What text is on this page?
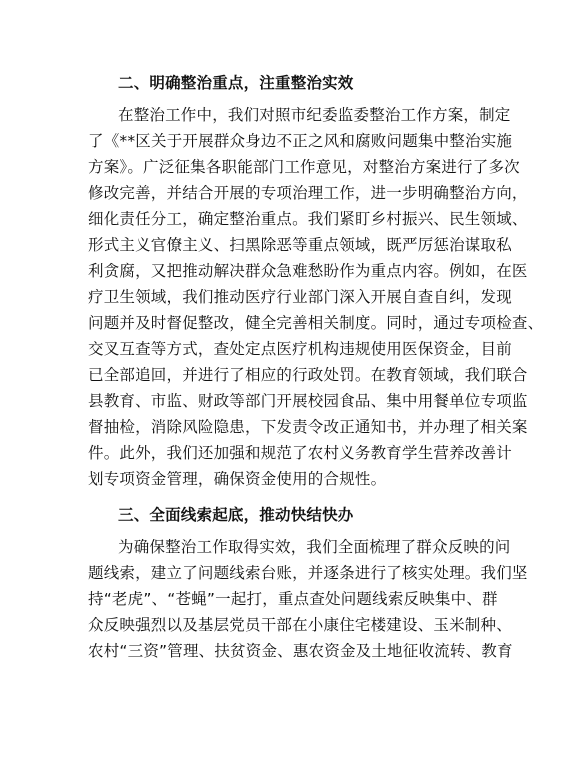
二、明确整治重点，注重整治实效
在整治工作中，我们对照市纪委监委整治工作方案，制定
了《**区关于开展群众身边不正之风和腐败问题集中整治实施
方案》。广泛征集各职能部门工作意见，对整治方案进行了多次
修改完善，并结合开展的专项治理工作，进一步明确整治方向，
细化责任分工，确定整治重点。我们紧盯乡村振兴、民生领域、
形式主义官僚主义、扫黑除恶等重点领域，既严厉惩治谋取私
利贪腐，又把推动解决群众急难愁盼作为重点内容。例如，在医
疗卫生领域，我们推动医疗行业部门深入开展自查自纠，发现
问题并及时督促整改，健全完善相关制度。同时，通过专项检查、
交叉互查等方式，查处定点医疗机构违规使用医保资金，目前
已全部追回，并进行了相应的行政处罚。在教育领域，我们联合
县教育、市监、财政等部门开展校园食品、集中用餐单位专项监
督抽检，消除风险隐患，下发责令改正通知书，并办理了相关案
件。此外，我们还加强和规范了农村义务教育学生营养改善计
划专项资金管理，确保资金使用的合规性。
三、全面线索起底，推动快结快办
为确保整治工作取得实效，我们全面梳理了群众反映的问
题线索，建立了问题线索台账，并逐条进行了核实处理。我们坚
持“老虎”、“苍蝇”一起打，重点查处问题线索反映集中、群
众反映强烈以及基层党员干部在小康住宅楼建设、玉米制种、
农村“三资”管理、扶贫资金、惠农资金及土地征收流转、教育
